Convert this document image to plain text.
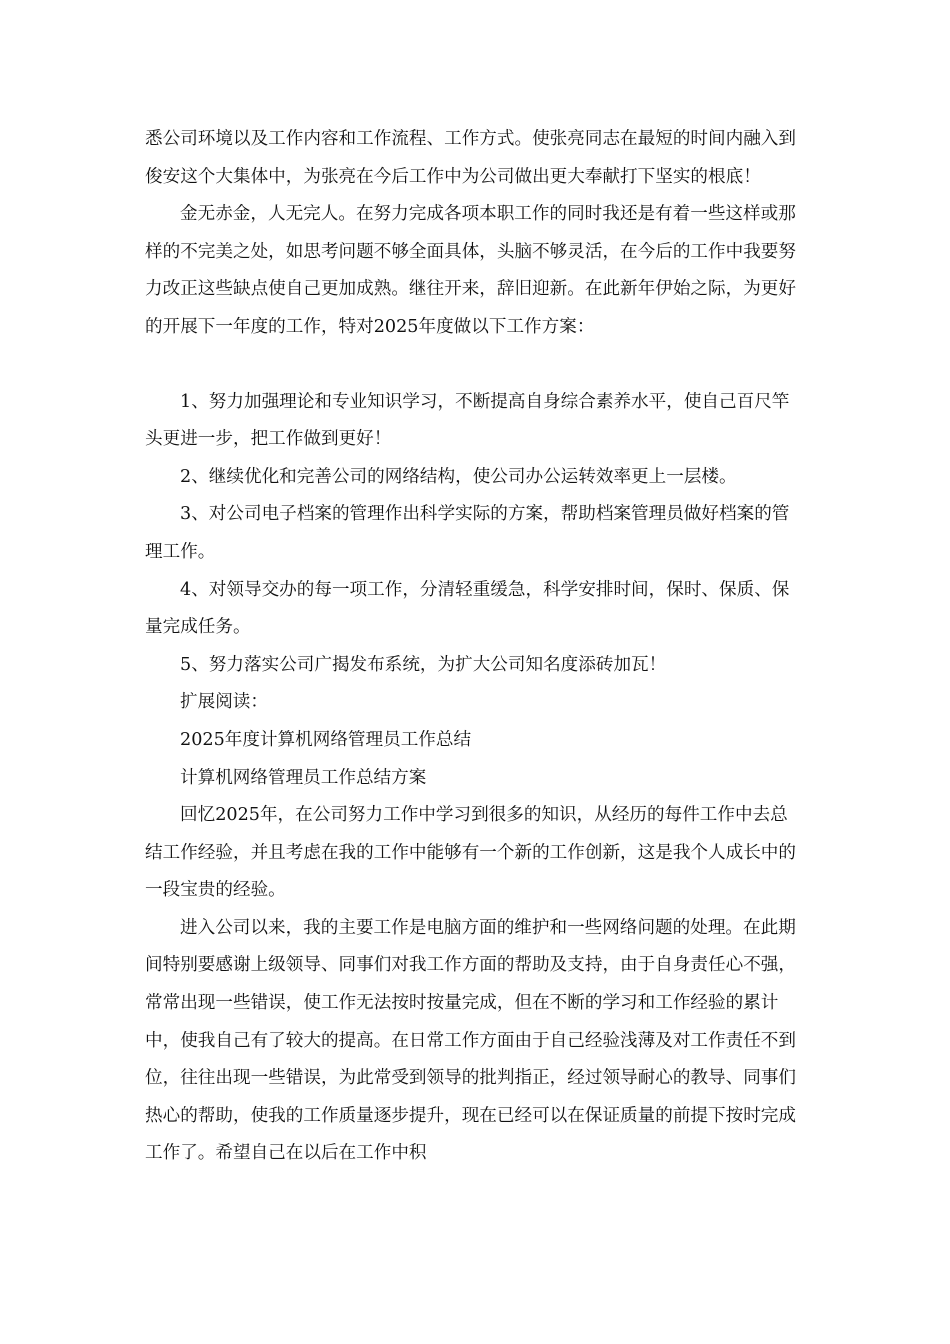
悉公司环境以及工作内容和工作流程、工作方式。使张亮同志在最短的时间内融入到俊安这个大集体中，为张亮在今后工作中为公司做出更大奉献打下坚实的根底！

金无赤金，人无完人。在努力完成各项本职工作的同时我还是有着一些这样或那样的不完美之处，如思考问题不够全面具体，头脑不够灵活，在今后的工作中我要努力改正这些缺点使自己更加成熟。继往开来，辞旧迎新。在此新年伊始之际，为更好的开展下一年度的工作，特对2025年度做以下工作方案：

1、努力加强理论和专业知识学习，不断提高自身综合素养水平，使自己百尺竿头更进一步，把工作做到更好！

2、继续优化和完善公司的网络结构，使公司办公运转效率更上一层楼。

3、对公司电子档案的管理作出科学实际的方案，帮助档案管理员做好档案的管理工作。

4、对领导交办的每一项工作，分清轻重缓急，科学安排时间，保时、保质、保量完成任务。

5、努力落实公司广揭发布系统，为扩大公司知名度添砖加瓦！

扩展阅读：

2025年度计算机网络管理员工作总结

计算机网络管理员工作总结方案

回忆2025年，在公司努力工作中学习到很多的知识，从经历的每件工作中去总结工作经验，并且考虑在我的工作中能够有一个新的工作创新，这是我个人成长中的一段宝贵的经验。

进入公司以来，我的主要工作是电脑方面的维护和一些网络问题的处理。在此期间特别要感谢上级领导、同事们对我工作方面的帮助及支持，由于自身责任心不强，常常出现一些错误，使工作无法按时按量完成，但在不断的学习和工作经验的累计中，使我自己有了较大的提高。在日常工作方面由于自己经验浅薄及对工作责任不到位，往往出现一些错误，为此常受到领导的批判指正，经过领导耐心的教导、同事们热心的帮助，使我的工作质量逐步提升，现在已经可以在保证质量的前提下按时完成工作了。希望自己在以后在工作中积
